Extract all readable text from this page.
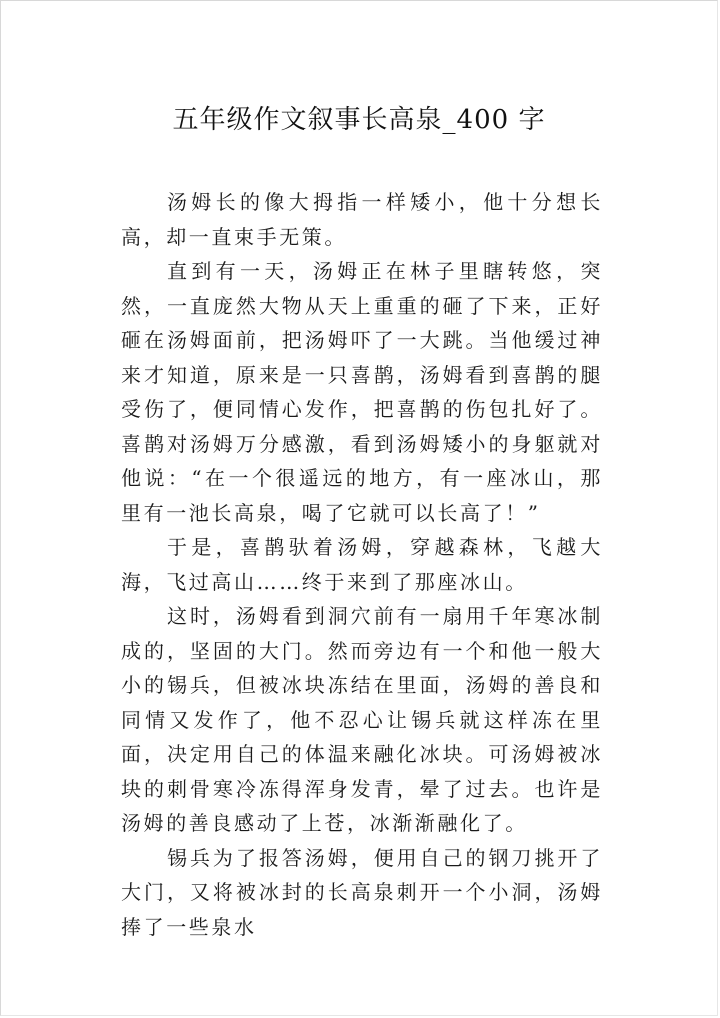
五年级作文叙事长高泉_400 字

汤姆长的像大拇指一样矮小，他十分想长高，却一直束手无策。

直到有一天，汤姆正在林子里瞎转悠，突然，一直庞然大物从天上重重的砸了下来，正好砸在汤姆面前，把汤姆吓了一大跳。当他缓过神来才知道，原来是一只喜鹊，汤姆看到喜鹊的腿受伤了，便同情心发作，把喜鹊的伤包扎好了。喜鹊对汤姆万分感激，看到汤姆矮小的身躯就对他说：“在一个很遥远的地方，有一座冰山，那里有一池长高泉，喝了它就可以长高了！”

于是，喜鹊驮着汤姆，穿越森林，飞越大海，飞过高山……终于来到了那座冰山。

这时，汤姆看到洞穴前有一扇用千年寒冰制成的，坚固的大门。然而旁边有一个和他一般大小的锡兵，但被冰块冻结在里面，汤姆的善良和同情又发作了，他不忍心让锡兵就这样冻在里面，决定用自己的体温来融化冰块。可汤姆被冰块的刺骨寒冷冻得浑身发青，晕了过去。也许是汤姆的善良感动了上苍，冰渐渐融化了。

锡兵为了报答汤姆，便用自己的钢刀挑开了大门，又将被冰封的长高泉刺开一个小洞，汤姆捧了一些泉水
